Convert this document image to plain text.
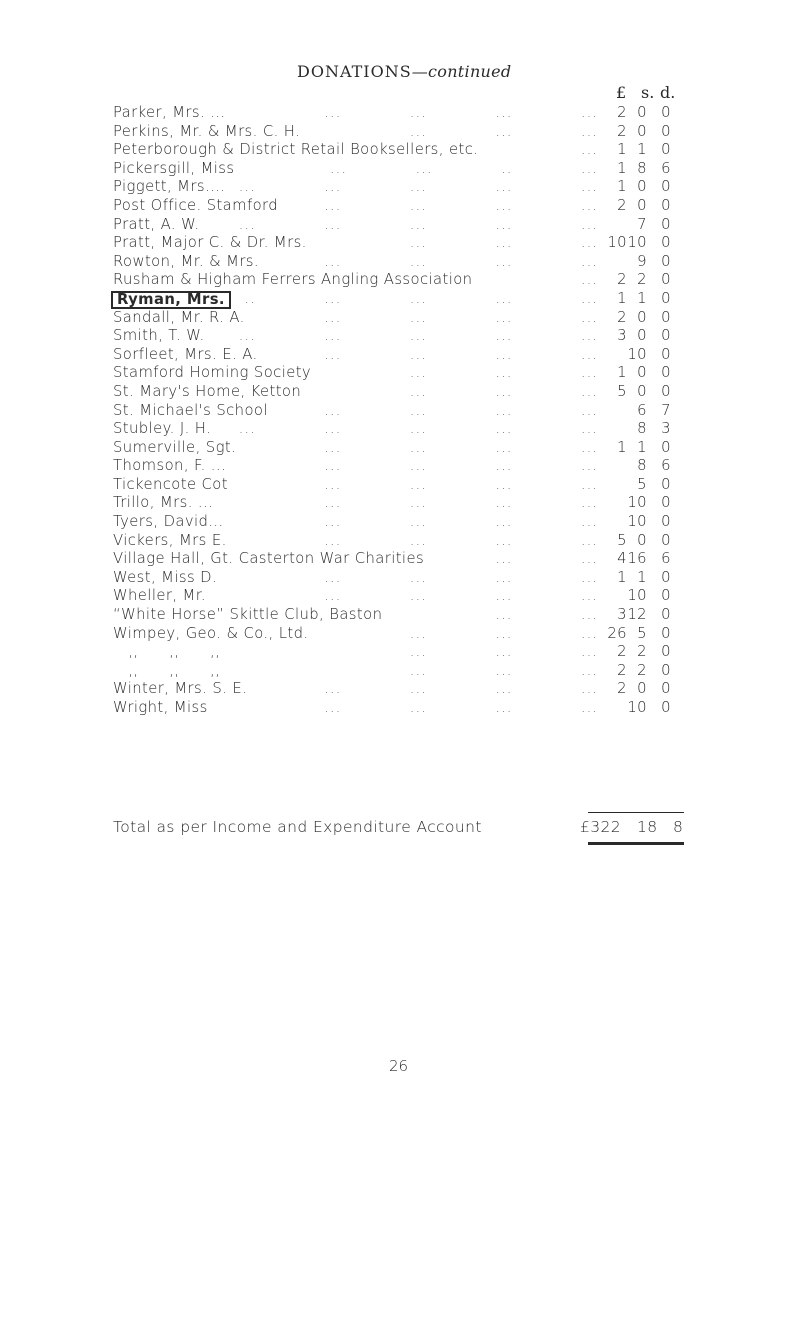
DONATIONS—continued
£ s. d.
Parker, Mrs. ...	2 0 0
...            ...            ...            ...
Perkins, Mr. & Mrs. C. H.	2 0 0
...            ...            ...
Peterborough & District Retail Booksellers, etc.	1 1 0
...
Pickersgill, Miss	1 8 6
...            ...            ..            ...
Piggett, Mrs....	1 0 0
...            ...            ...            ...            ...
Post Office. Stamford	2 0 0
...            ...            ...            ...
Pratt, A. W.	7 0
...            ...            ...            ...            ...
Pratt, Major C. & Dr. Mrs.	10 10 0
...            ...            ...
Rowton, Mr. & Mrs.	9 0
...            ...            ...            ...
Rusham & Higham Ferrers Angling Association	2 2 0
...
Ryman, Mrs.	1 1 0
..            ...            ...            ...            ...
Sandall, Mr. R. A.	2 0 0
...            ...            ...            ...
Smith, T. W.	3 0 0
...            ...            ...            ...            ...
Sorfleet, Mrs. E. A.	10 0
...            ...            ...            ...
Stamford Homing Society	1 0 0
...            ...            ...
St. Mary's Home, Ketton	5 0 0
...            ...            ...
St. Michael's School	6 7
...            ...            ...            ...
Stubley. J. H.	8 3
...            ...            ...            ...            ...
Sumerville, Sgt.	1 1 0
...            ...            ...            ...
Thomson, F. ...	8 6
...            ...            ...            ...
Tickencote Cot	5 0
...            ...            ...            ...
Trillo, Mrs. ...	10 0
...            ...            ...            ...
Tyers, David...	10 0
...            ...            ...            ...
Vickers, Mrs E.	5 0 0
...            ...            ...            ...
Village Hall, Gt. Casterton War Charities	4 16 6
...            ...
West, Miss D.	1 1 0
...            ...            ...            ...
Wheller, Mr.	10 0
...            ...            ...            ...
“White Horse” Skittle Club, Baston	3 12 0
...            ...
Wimpey, Geo. & Co., Ltd.	26 5 0
...            ...            ...
,,      ,,      ,,	2 2 0
...            ...            ...
,,      ,,      ,,	2 2 0
...            ...            ...
Winter, Mrs. S. E.	2 0 0
...            ...            ...            ...
Wright, Miss	10 0
...            ...            ...            ...
Total as per Income and Expenditure Account	£322 18 8
26
